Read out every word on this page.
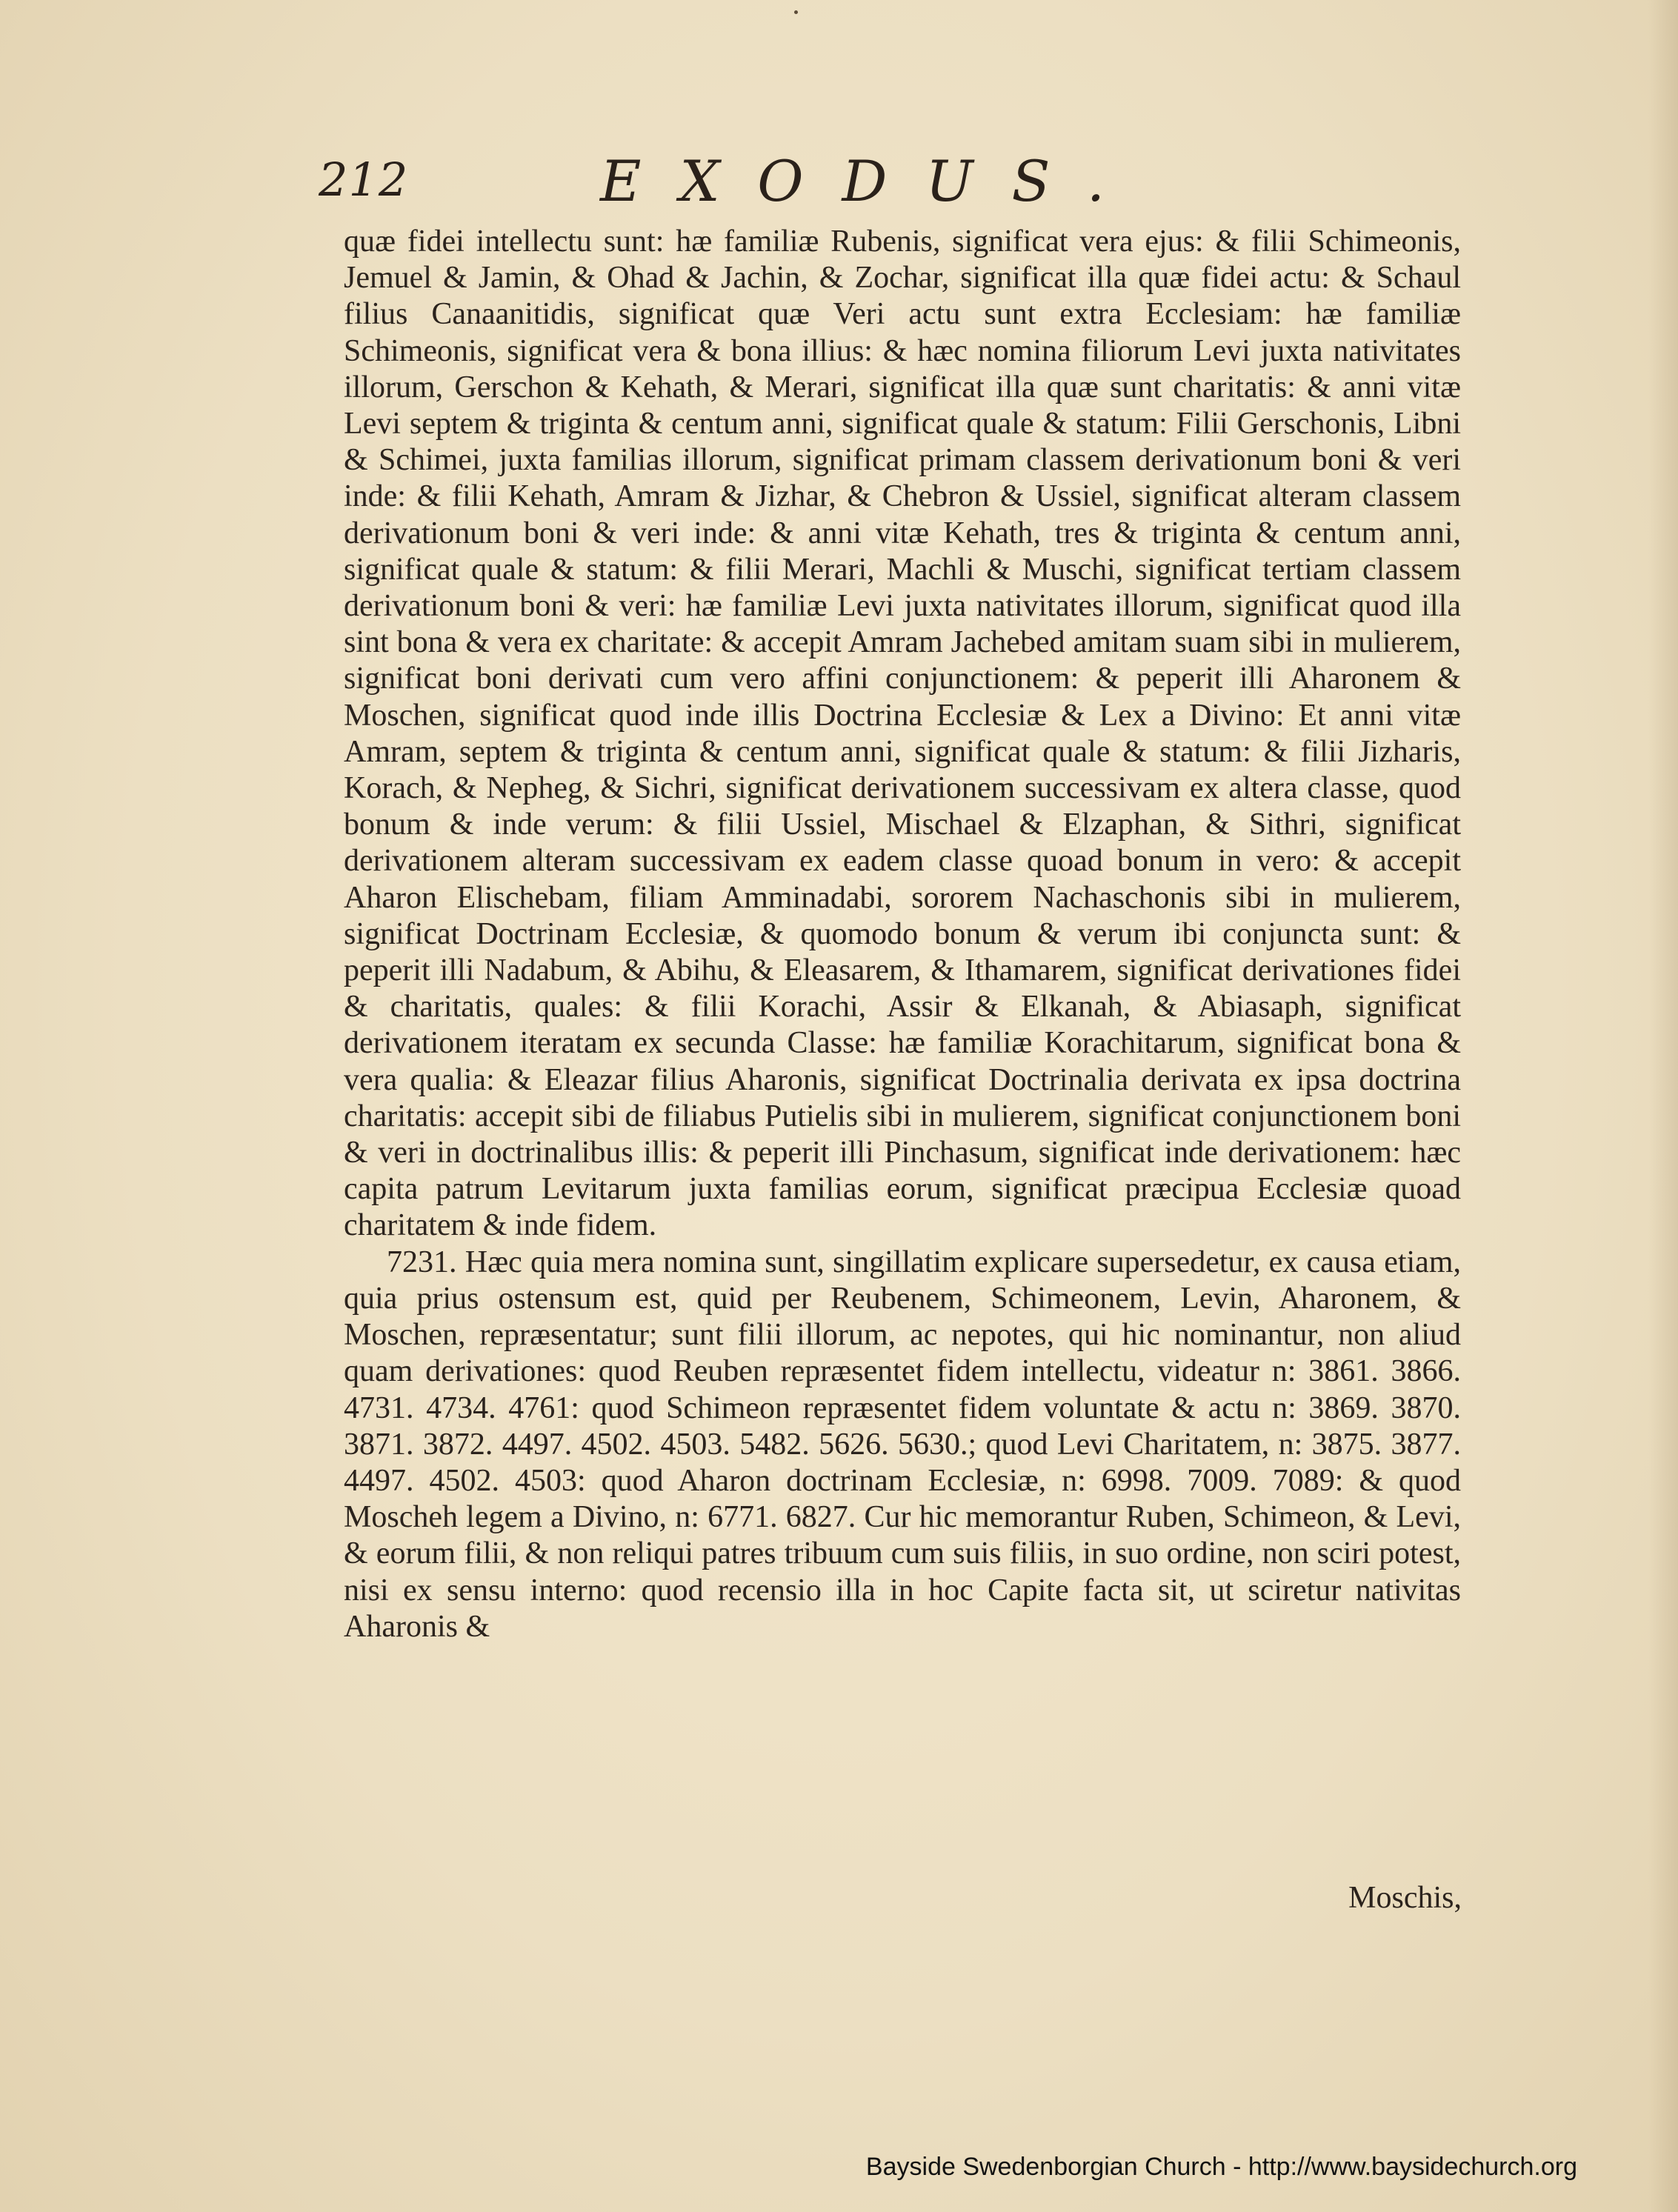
212	EXODUS.

quæ fidei intellectu sunt: hæ familiæ Rubenis, significat vera ejus: & filii Schimeonis, Jemuel & Jamin, & Ohad & Jachin, & Zochar, significat illa quæ fidei actu: & Schaul filius Canaanitidis, significat quæ Veri actu sunt extra Ecclesiam: hæ familiæ Schimeonis, significat vera & bona illius: & hæc nomina filiorum Levi juxta nativitates illorum, Gerschon & Kehath, & Merari, significat illa quæ sunt charitatis: & anni vitæ Levi septem & triginta & centum anni, significat quale & statum: Filii Gerschonis, Libni & Schimei, juxta familias illorum, significat primam classem derivationum boni & veri inde: & filii Kehath, Amram & Jizhar, & Chebron & Ussiel, significat alteram classem derivationum boni & veri inde: & anni vitæ Kehath, tres & triginta & centum anni, significat quale & statum: & filii Merari, Machli & Muschi, significat tertiam classem derivationum boni & veri: hæ familiæ Levi juxta nativitates illorum, significat quod illa sint bona & vera ex charitate: & accepit Amram Jachebed amitam suam sibi in mulierem, significat boni derivati cum vero affini conjunctionem: & peperit illi Aharonem & Moschen, significat quod inde illis Doctrina Ecclesiæ & Lex a Divino: Et anni vitæ Amram, septem & triginta & centum anni, significat quale & statum: & filii Jizharis, Korach, & Nepheg, & Sichri, significat derivationem successivam ex altera classe, quod bonum & inde verum: & filii Ussiel, Mischael & Elzaphan, & Sithri, significat derivationem alteram successivam ex eadem classe quoad bonum in vero: & accepit Aharon Elischebam, filiam Amminadabi, sororem Nachaschonis sibi in mulierem, significat Doctrinam Ecclesiæ, & quomodo bonum & verum ibi conjuncta sunt: & peperit illi Nadabum, & Abihu, & Eleasarem, & Ithamarem, significat derivationes fidei & charitatis, quales: & filii Korachi, Assir & Elkanah, & Abiasaph, significat derivationem iteratam ex secunda Classe: hæ familiæ Korachitarum, significat bona & vera qualia: & Eleazar filius Aharonis, significat Doctrinalia derivata ex ipsa doctrina charitatis: accepit sibi de filiabus Putielis sibi in mulierem, significat conjunctionem boni & veri in doctrinalibus illis: & peperit illi Pinchasum, significat inde derivationem: hæc capita patrum Levitarum juxta familias eorum, significat præcipua Ecclesiæ quoad charitatem & inde fidem.

7231. Hæc quia mera nomina sunt, singillatim explicare supersedetur, ex causa etiam, quia prius ostensum est, quid per Reubenem, Schimeonem, Levin, Aharonem, & Moschen, repræsentatur; sunt filii illorum, ac nepotes, qui hic nominantur, non aliud quam derivationes: quod Reuben repræsentet fidem intellectu, videatur n: 3861. 3866. 4731. 4734. 4761: quod Schimeon repræsentet fidem voluntate & actu n: 3869. 3870. 3871. 3872. 4497. 4502. 4503. 5482. 5626. 5630.; quod Levi Charitatem, n: 3875. 3877. 4497. 4502. 4503: quod Aharon doctrinam Ecclesiæ, n: 6998. 7009. 7089: & quod Moscheh legem a Divino, n: 6771. 6827. Cur hic memorantur Ruben, Schimeon, & Levi, & eorum filii, & non reliqui patres tribuum cum suis filiis, in suo ordine, non sciri potest, nisi ex sensu interno: quod recensio illa in hoc Capite facta sit, ut sciretur nativitas Aharonis &

Moschis,
Bayside Swedenborgian Church - http://www.baysidechurch.org
